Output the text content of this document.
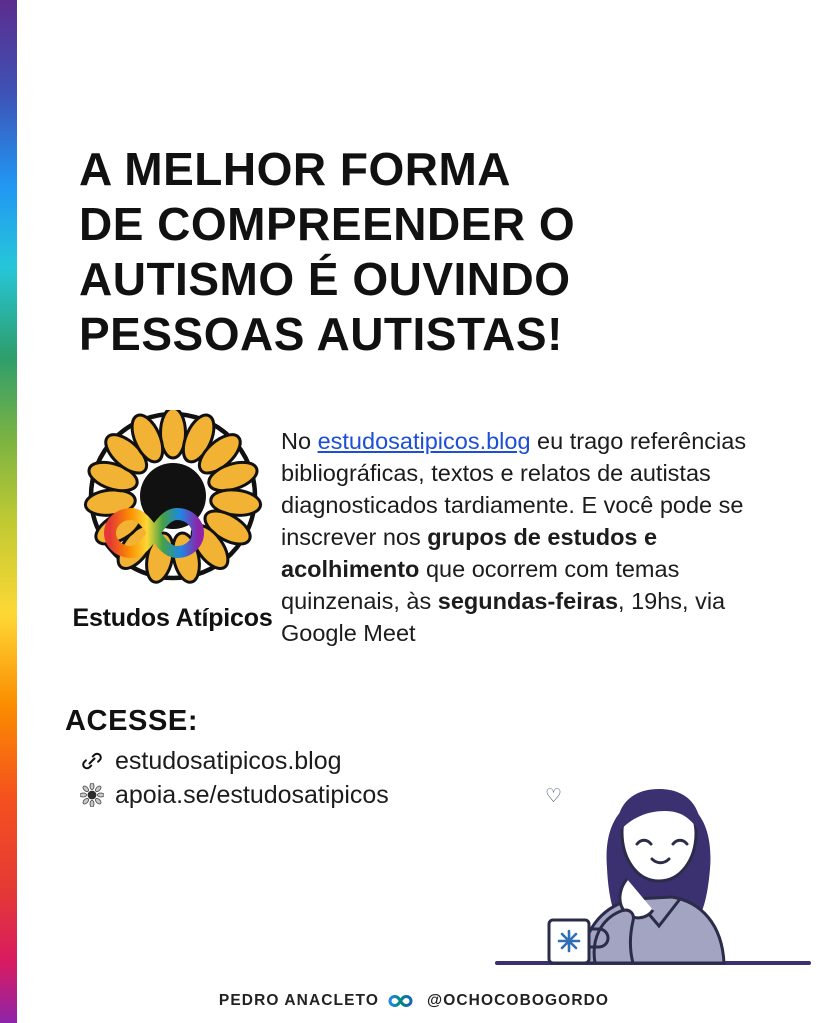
A MELHOR FORMA
DE COMPREENDER O
AUTISMO É OUVINDO
PESSOAS AUTISTAS!
Estudos Atípicos
No estudosatipicos.blog eu trago referências bibliográficas, textos e relatos de autistas diagnosticados tardiamente. E você pode se inscrever nos grupos de estudos e acolhimento que ocorrem com temas quinzenais, às segundas-feiras, 19hs, via Google Meet
ACESSE:
estudosatipicos.blog
apoia.se/estudosatipicos	♡
PEDRO ANACLETO	@OCHOCOBOGORDO
